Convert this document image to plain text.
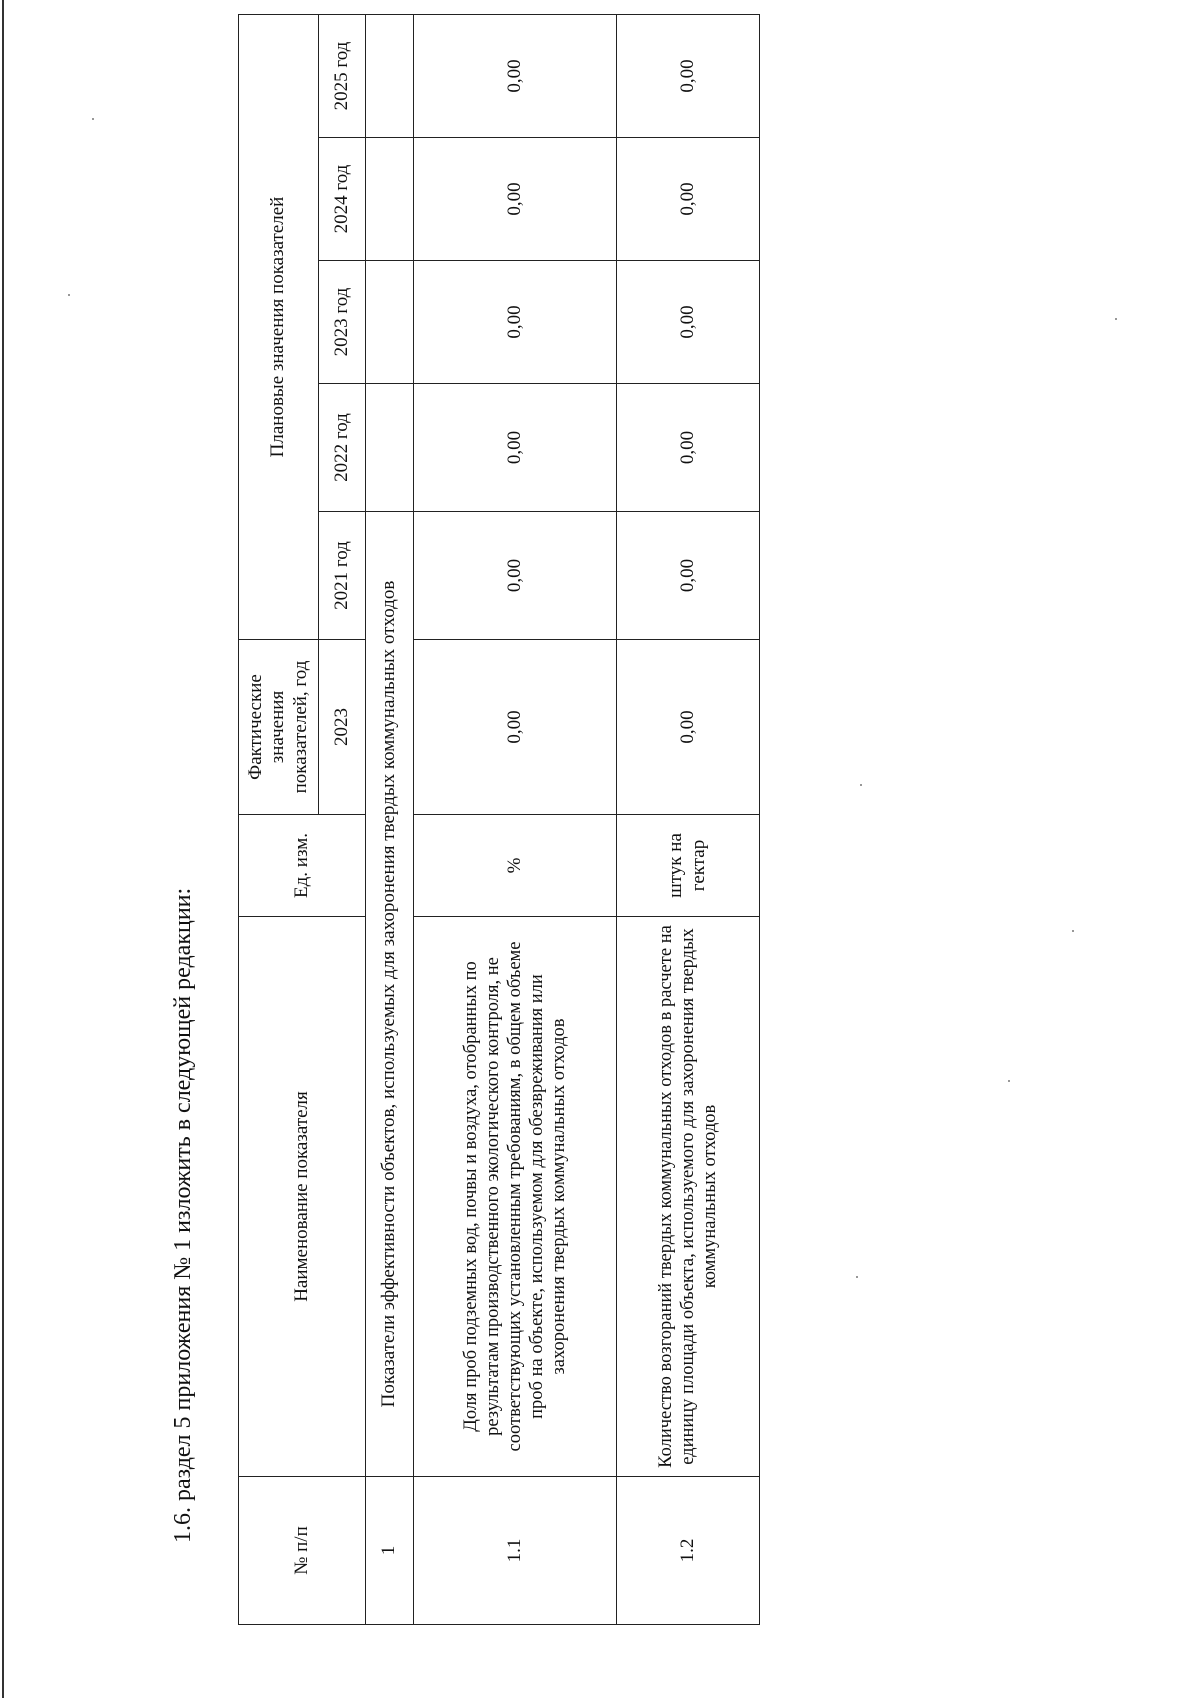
1.6. раздел 5 приложения № 1 изложить в следующей редакции:
№ п/п	Наименование показателя	Ед. изм.	Фактические значения показателей, год	Плановые значения показателей				
			2023	2021 год	2022 год	2023 год	2024 год	2025 год
1	Показатели эффективности объектов, используемых для захоронения твердых коммунальных отходов							
1.1	Доля проб подземных вод, почвы и воздуха, отобранных по результатам производственного экологического контроля, не соответствующих установленным требованиям, в общем объеме проб на объекте, используемом для обезвреживания или захоронения твердых коммунальных отходов	%	0,00	0,00	0,00	0,00	0,00	0,00
1.2	Количество возгораний твердых коммунальных отходов в расчете на единицу площади объекта, используемого для захоронения твердых коммунальных отходов	штук на гектар	0,00	0,00	0,00	0,00	0,00	0,00
